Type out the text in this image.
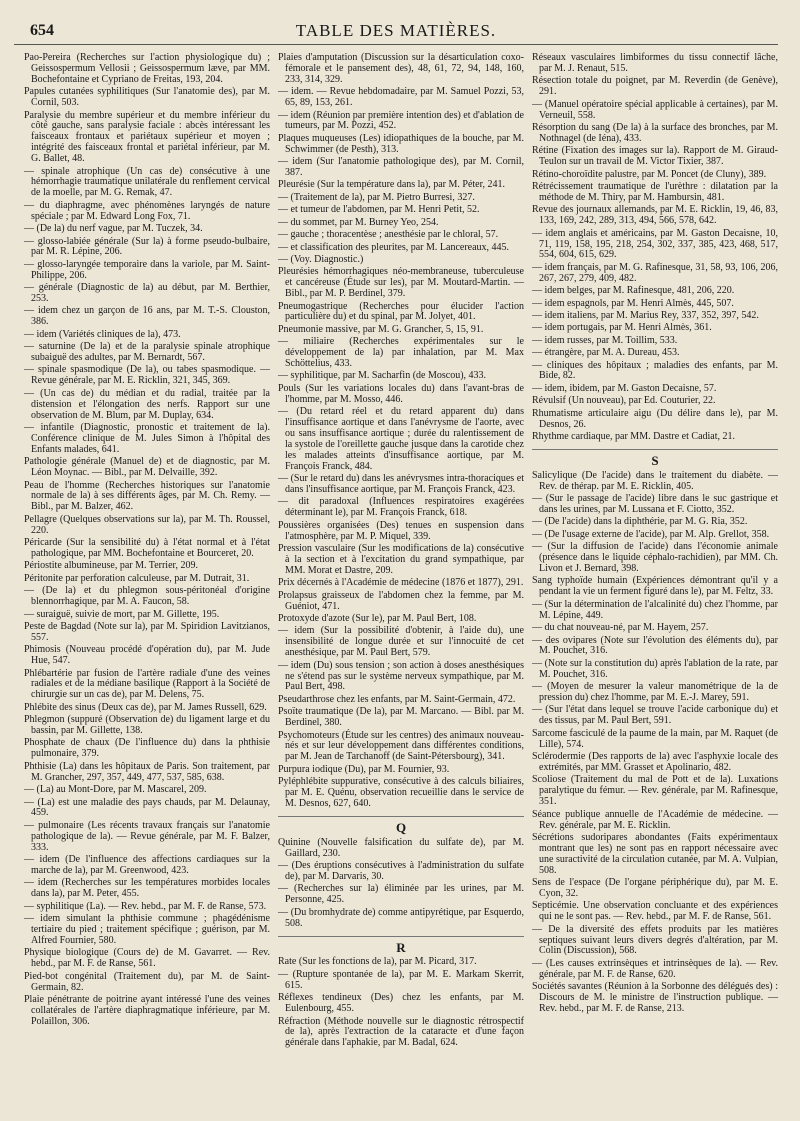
654	TABLE DES MATIÈRES.
Pao-Pereira (Recherches sur l'action physiologique du) ; Geissospermum Vellosii ; Geissospermum læve, par MM. Bochefontaine et Cypriano de Freitas, 193, 204.
Papules cutanées syphilitiques (Sur l'anatomie des), par M. Cornil, 503.
Paralysie du membre supérieur et du membre inférieur du côté gauche, sans paralysie faciale : abcès intéressant les faisceaux frontaux et pariétaux supérieur et moyen ; intégrité des faisceaux frontal et pariétal inférieur, par M. G. Ballet, 48.
— spinale atrophique (Un cas de) consécutive à une hémorrhagie traumatique unilatérale du renflement cervical de la moelle, par M. G. Remak, 47.
— du diaphragme, avec phénomènes laryngés de nature spéciale ; par M. Edward Long Fox, 71.
— (De la) du nerf vague, par M. Tuczek, 34.
— glosso-labiée générale (Sur la) à forme pseudo-bulbaire, par M. R. Lépine, 206.
— glosso-laryngée temporaire dans la variole, par M. Saint-Philippe, 206.
— générale (Diagnostic de la) au début, par M. Berthier, 253.
— idem chez un garçon de 16 ans, par M. T.-S. Clouston, 386.
— idem (Variétés cliniques de la), 473.
— saturnine (De la) et de la paralysie spinale atrophique subaiguë des adultes, par M. Bernardt, 567.
— spinale spasmodique (De la), ou tabes spasmodique. — Revue générale, par M. E. Ricklin, 321, 345, 369.
— (Un cas de) du médian et du radial, traitée par la distension et l'élongation des nerfs. Rapport sur une observation de M. Blum, par M. Duplay, 634.
— infantile (Diagnostic, pronostic et traitement de la). Conférence clinique de M. Jules Simon à l'hôpital des Enfants malades, 641.
Pathologie générale (Manuel de) et de diagnostic, par M. Léon Moynac. — Bibl., par M. Delvaille, 392.
Peau de l'homme (Recherches historiques sur l'anatomie normale de la) à ses différents âges, par M. Ch. Remy. — Bibl., par M. Balzer, 462.
Pellagre (Quelques observations sur la), par M. Th. Roussel, 220.
Péricarde (Sur la sensibilité du) à l'état normal et à l'état pathologique, par MM. Bochefontaine et Bourceret, 20.
Périostite albumineuse, par M. Terrier, 209.
Péritonite par perforation calculeuse, par M. Dutrait, 31.
— (De la) et du phlegmon sous-péritonéal d'origine blennorrhagique, par M. A. Faucon, 58.
— suraiguë, suivie de mort, par M. Gillette, 195.
Peste de Bagdad (Note sur la), par M. Spiridion Lavitzianos, 557.
Phimosis (Nouveau procédé d'opération du), par M. Jude Hue, 547.
Phlébartérie par fusion de l'artère radiale d'une des veines radiales et de la médiane basilique (Rapport à la Société de chirurgie sur un cas de), par M. Delens, 75.
Phlébite des sinus (Deux cas de), par M. James Russell, 629.
Phlegmon (suppuré (Observation de) du ligament large et du bassin, par M. Gillette, 138.
Phosphate de chaux (De l'influence du) dans la phthisie pulmonaire, 379.
Phthisie (La) dans les hôpitaux de Paris. Son traitement, par M. Grancher, 297, 357, 449, 477, 537, 585, 638.
— (La) au Mont-Dore, par M. Mascarel, 209.
— (La) est une maladie des pays chauds, par M. Delaunay, 459.
— pulmonaire (Les récents travaux français sur l'anatomie pathologique de la). — Revue générale, par M. F. Balzer, 333.
— idem (De l'influence des affections cardiaques sur la marche de la), par M. Greenwood, 423.
— idem (Recherches sur les températures morbides locales dans la), par M. Peter, 455.
— syphilitique (La). — Rev. hebd., par M. F. de Ranse, 573.
— idem simulant la phthisie commune ; phagédénisme tertiaire du pied ; traitement spécifique ; guérison, par M. Alfred Fournier, 580.
Physique biologique (Cours de) de M. Gavarret. — Rev. hebd., par M. F. de Ranse, 561.
Pied-bot congénital (Traitement du), par M. de Saint-Germain, 82.
Plaie pénétrante de poitrine ayant intéressé l'une des veines collatérales de l'artère diaphragmatique inférieure, par M. Polaillon, 306.
Plaies d'amputation (Discussion sur la désarticulation coxo-fémorale et le pansement des), 48, 61, 72, 94, 148, 160, 233, 314, 329.
— idem. — Revue hebdomadaire, par M. Samuel Pozzi, 53, 65, 89, 153, 261.
— idem (Réunion par première intention des) et d'ablation de tumeurs, par M. Pozzi, 452.
Plaques muqueuses (Les) idiopathiques de la bouche, par M. Schwimmer (de Pesth), 313.
— idem (Sur l'anatomie pathologique des), par M. Cornil, 387.
Pleurésie (Sur la température dans la), par M. Péter, 241.
— (Traitement de la), par M. Pietro Burresi, 327.
— et tumeur de l'abdomen, par M. Henri Petit, 52.
— du sommet, par M. Burney Yeo, 254.
— gauche ; thoracentèse ; anesthésie par le chloral, 57.
— et classification des pleurites, par M. Lancereaux, 445.
— (Voy. Diagnostic.)
Pleurésies hémorrhagiques néo-membraneuse, tuberculeuse et cancéreuse (Étude sur les), par M. Moutard-Martin. — Bibl., par M. P. Berdinel, 379.
Pneumogastrique (Recherches pour élucider l'action particulière du) et du spinal, par M. Jolyet, 401.
Pneumonie massive, par M. G. Grancher, 5, 15, 91.
— miliaire (Recherches expérimentales sur le développement de la) par inhalation, par M. Max Schöttelius, 433.
— syphilitique, par M. Sacharfin (de Moscou), 433.
Pouls (Sur les variations locales du) dans l'avant-bras de l'homme, par M. Mosso, 446.
— (Du retard réel et du retard apparent du) dans l'insuffisance aortique et dans l'anévrysme de l'aorte, avec ou sans insuffisance aortique ; durée du ralentissement de la systole de l'oreillette gauche jusque dans la carotide chez les malades atteints d'insuffisance aortique, par M. François Franck, 484.
— (Sur le retard du) dans les anévrysmes intra-thoraciques et dans l'insuffisance aortique, par M. François Franck, 423.
— dit paradoxal (Influences respiratoires exagérées déterminant le), par M. François Franck, 618.
Poussières organisées (Des) tenues en suspension dans l'atmosphère, par M. P. Miquel, 339.
Pression vasculaire (Sur les modifications de la) consécutive à la section et à l'excitation du grand sympathique, par MM. Morat et Dastre, 209.
Prix décernés à l'Académie de médecine (1876 et 1877), 291.
Prolapsus graisseux de l'abdomen chez la femme, par M. Guéniot, 471.
Protoxyde d'azote (Sur le), par M. Paul Bert, 108.
— idem (Sur la possibilité d'obtenir, à l'aide du), une insensibilité de longue durée et sur l'innocuité de cet anesthésique, par M. Paul Bert, 579.
— idem (Du) sous tension ; son action à doses anesthésiques ne s'étend pas sur le système nerveux sympathique, par M. Paul Bert, 498.
Pseudarthrose chez les enfants, par M. Saint-Germain, 472.
Psoïte traumatique (De la), par M. Marcano. — Bibl. par M. Berdinel, 380.
Psychomoteurs (Étude sur les centres) des animaux nouveau-nés et sur leur développement dans différentes conditions, par M. Jean de Tarchanoff (de Saint-Pétersbourg), 341.
Purpura iodique (Du), par M. Fournier, 93.
Pyléphlébite suppurative, consécutive à des calculs biliaires, par M. E. Quénu, observation recueillie dans le service de M. Desnos, 627, 640.
Q
Quinine (Nouvelle falsification du sulfate de), par M. Gaillard, 230.
— (Des éruptions consécutives à l'administration du sulfate de), par M. Darvaris, 30.
— (Recherches sur la) éliminée par les urines, par M. Personne, 425.
— (Du bromhydrate de) comme antipyrétique, par Esquerdo, 508.
R
Rate (Sur les fonctions de la), par M. Picard, 317.
— (Rupture spontanée de la), par M. E. Markam Skerrit, 615.
Réflexes tendineux (Des) chez les enfants, par M. Eulenbourg, 455.
Réfraction (Méthode nouvelle sur le diagnostic rétrospectif de la), après l'extraction de la cataracte et d'une façon générale dans l'aphakie, par M. Badal, 624.
Réseaux vasculaires limbiformes du tissu connectif lâche, par M. J. Renaut, 515.
Résection totale du poignet, par M. Reverdin (de Genève), 291.
— (Manuel opératoire spécial applicable à certaines), par M. Verneuil, 558.
Résorption du sang (De la) à la surface des bronches, par M. Nothnagel (de Iéna), 433.
Rétine (Fixation des images sur la). Rapport de M. Giraud-Teulon sur un travail de M. Victor Tixier, 387.
Rétino-choroïdite palustre, par M. Poncet (de Cluny), 389.
Rétrécissement traumatique de l'urèthre : dilatation par la méthode de M. Thiry, par M. Hambursin, 481.
Revue des journaux allemands, par M. E. Ricklin, 19, 46, 83, 133, 169, 242, 289, 313, 494, 566, 578, 642.
— idem anglais et américains, par M. Gaston Decaisne, 10, 71, 119, 158, 195, 218, 254, 302, 337, 385, 423, 468, 517, 554, 604, 615, 629.
— idem français, par M. G. Rafinesque, 31, 58, 93, 106, 206, 267, 267, 279, 409, 482.
— idem belges, par M. Rafinesque, 481, 206, 220.
— idem espagnols, par M. Henri Almès, 445, 507.
— idem italiens, par M. Marius Rey, 337, 352, 397, 542.
— idem portugais, par M. Henri Almès, 361.
— idem russes, par M. Toillim, 533.
— étrangère, par M. A. Dureau, 453.
— cliniques des hôpitaux ; maladies des enfants, par M. Bide, 82.
— idem, ibidem, par M. Gaston Decaisne, 57.
Révulsif (Un nouveau), par Ed. Couturier, 22.
Rhumatisme articulaire aigu (Du délire dans le), par M. Desnos, 26.
Rhythme cardiaque, par MM. Dastre et Cadiat, 21.
S
Salicylique (De l'acide) dans le traitement du diabète. — Rev. de thérap. par M. E. Ricklin, 405.
— (Sur le passage de l'acide) libre dans le suc gastrique et dans les urines, par M. Lussana et F. Ciotto, 352.
— (De l'acide) dans la diphthérie, par M. G. Ria, 352.
— (De l'usage externe de l'acide), par M. Alp. Grellot, 358.
— (Sur la diffusion de l'acide) dans l'économie animale (présence dans le liquide céphalo-rachidien), par MM. Ch. Livon et J. Bernard, 398.
Sang typhoïde humain (Expériences démontrant qu'il y a pendant la vie un ferment figuré dans le), par M. Feltz, 33.
— (Sur la détermination de l'alcalinité du) chez l'homme, par M. Lépine, 449.
— du chat nouveau-né, par M. Hayem, 257.
— des ovipares (Note sur l'évolution des éléments du), par M. Pouchet, 316.
— (Note sur la constitution du) après l'ablation de la rate, par M. Pouchet, 316.
— (Moyen de mesurer la valeur manométrique de la de pression du) chez l'homme, par M. E.-J. Marey, 591.
— (Sur l'état dans lequel se trouve l'acide carbonique du) et des tissus, par M. Paul Bert, 591.
Sarcome fasciculé de la paume de la main, par M. Raquet (de Lille), 574.
Sclérodermie (Des rapports de la) avec l'asphyxie locale des extrémités, par MM. Grasset et Apolinario, 482.
Scoliose (Traitement du mal de Pott et de la). Luxations paralytique du fémur. — Rev. générale, par M. Rafinesque, 351.
Séance publique annuelle de l'Académie de médecine. — Rev. générale, par M. E. Ricklin.
Sécrétions sudoripares abondantes (Faits expérimentaux montrant que les) ne sont pas en rapport nécessaire avec une suractivité de la circulation cutanée, par M. A. Vulpian, 508.
Sens de l'espace (De l'organe périphérique du), par M. E. Cyon, 32.
Septicémie. Une observation concluante et des expériences qui ne le sont pas. — Rev. hebd., par M. F. de Ranse, 561.
— De la diversité des effets produits par les matières septiques suivant leurs divers degrés d'altération, par M. Colin (Discussion), 568.
— (Les causes extrinsèques et intrinsèques de la). — Rev. générale, par M. F. de Ranse, 620.
Sociétés savantes (Réunion à la Sorbonne des délégués des) : Discours de M. le ministre de l'instruction publique. — Rev. hebd., par M. F. de Ranse, 213.
